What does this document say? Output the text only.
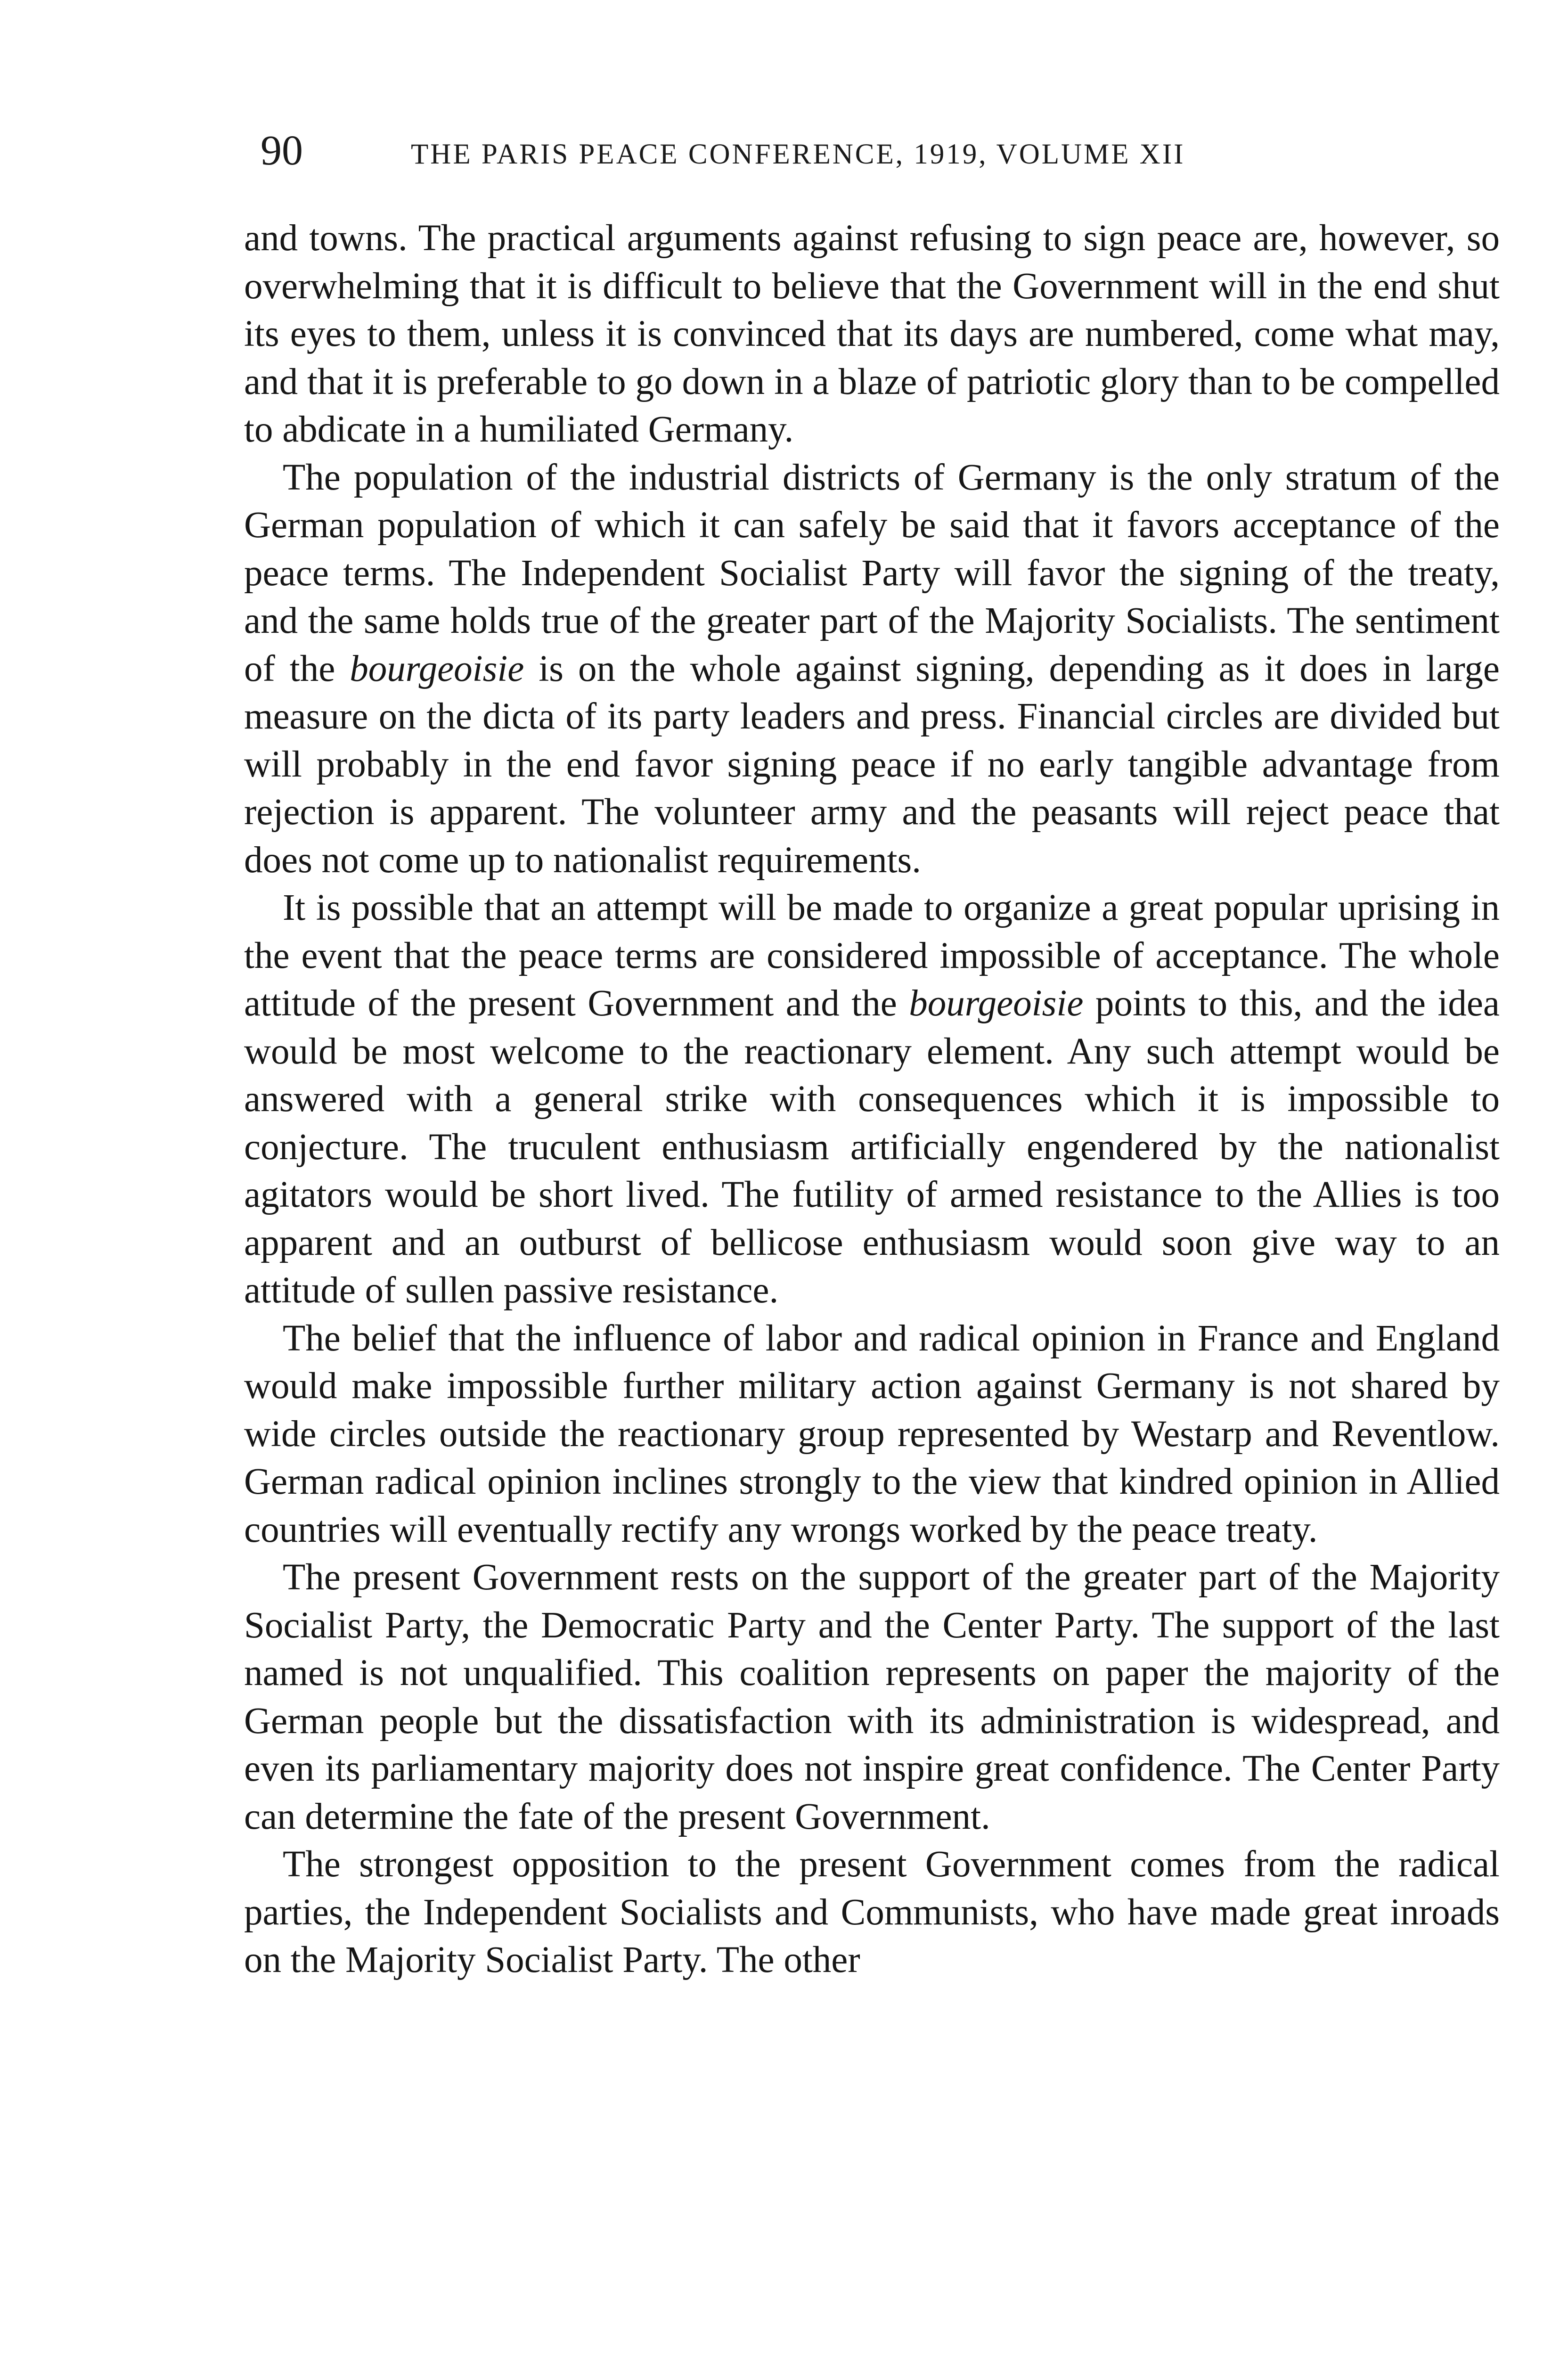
90	THE PARIS PEACE CONFERENCE, 1919, VOLUME XII

and towns. The practical arguments against refusing to sign peace are, however, so overwhelming that it is difficult to believe that the Government will in the end shut its eyes to them, unless it is convinced that its days are numbered, come what may, and that it is preferable to go down in a blaze of patriotic glory than to be compelled to abdicate in a humiliated Germany.

The population of the industrial districts of Germany is the only stratum of the German population of which it can safely be said that it favors acceptance of the peace terms. The Independent Socialist Party will favor the signing of the treaty, and the same holds true of the greater part of the Majority Socialists. The sentiment of the bourgeoisie is on the whole against signing, depending as it does in large measure on the dicta of its party leaders and press. Financial circles are divided but will probably in the end favor signing peace if no early tangible advantage from rejection is apparent. The volunteer army and the peasants will reject peace that does not come up to nationalist requirements.

It is possible that an attempt will be made to organize a great popular uprising in the event that the peace terms are considered impossible of acceptance. The whole attitude of the present Government and the bourgeoisie points to this, and the idea would be most welcome to the reactionary element. Any such attempt would be answered with a general strike with consequences which it is impossible to conjecture. The truculent enthusiasm artificially engendered by the nationalist agitators would be short lived. The futility of armed resistance to the Allies is too apparent and an outburst of bellicose enthusiasm would soon give way to an attitude of sullen passive resistance.

The belief that the influence of labor and radical opinion in France and England would make impossible further military action against Germany is not shared by wide circles outside the reactionary group represented by Westarp and Reventlow. German radical opinion inclines strongly to the view that kindred opinion in Allied countries will eventually rectify any wrongs worked by the peace treaty.

The present Government rests on the support of the greater part of the Majority Socialist Party, the Democratic Party and the Center Party. The support of the last named is not unqualified. This coalition represents on paper the majority of the German people but the dissatisfaction with its administration is widespread, and even its parliamentary majority does not inspire great confidence. The Center Party can determine the fate of the present Government.

The strongest opposition to the present Government comes from the radical parties, the Independent Socialists and Communists, who have made great inroads on the Majority Socialist Party. The other
